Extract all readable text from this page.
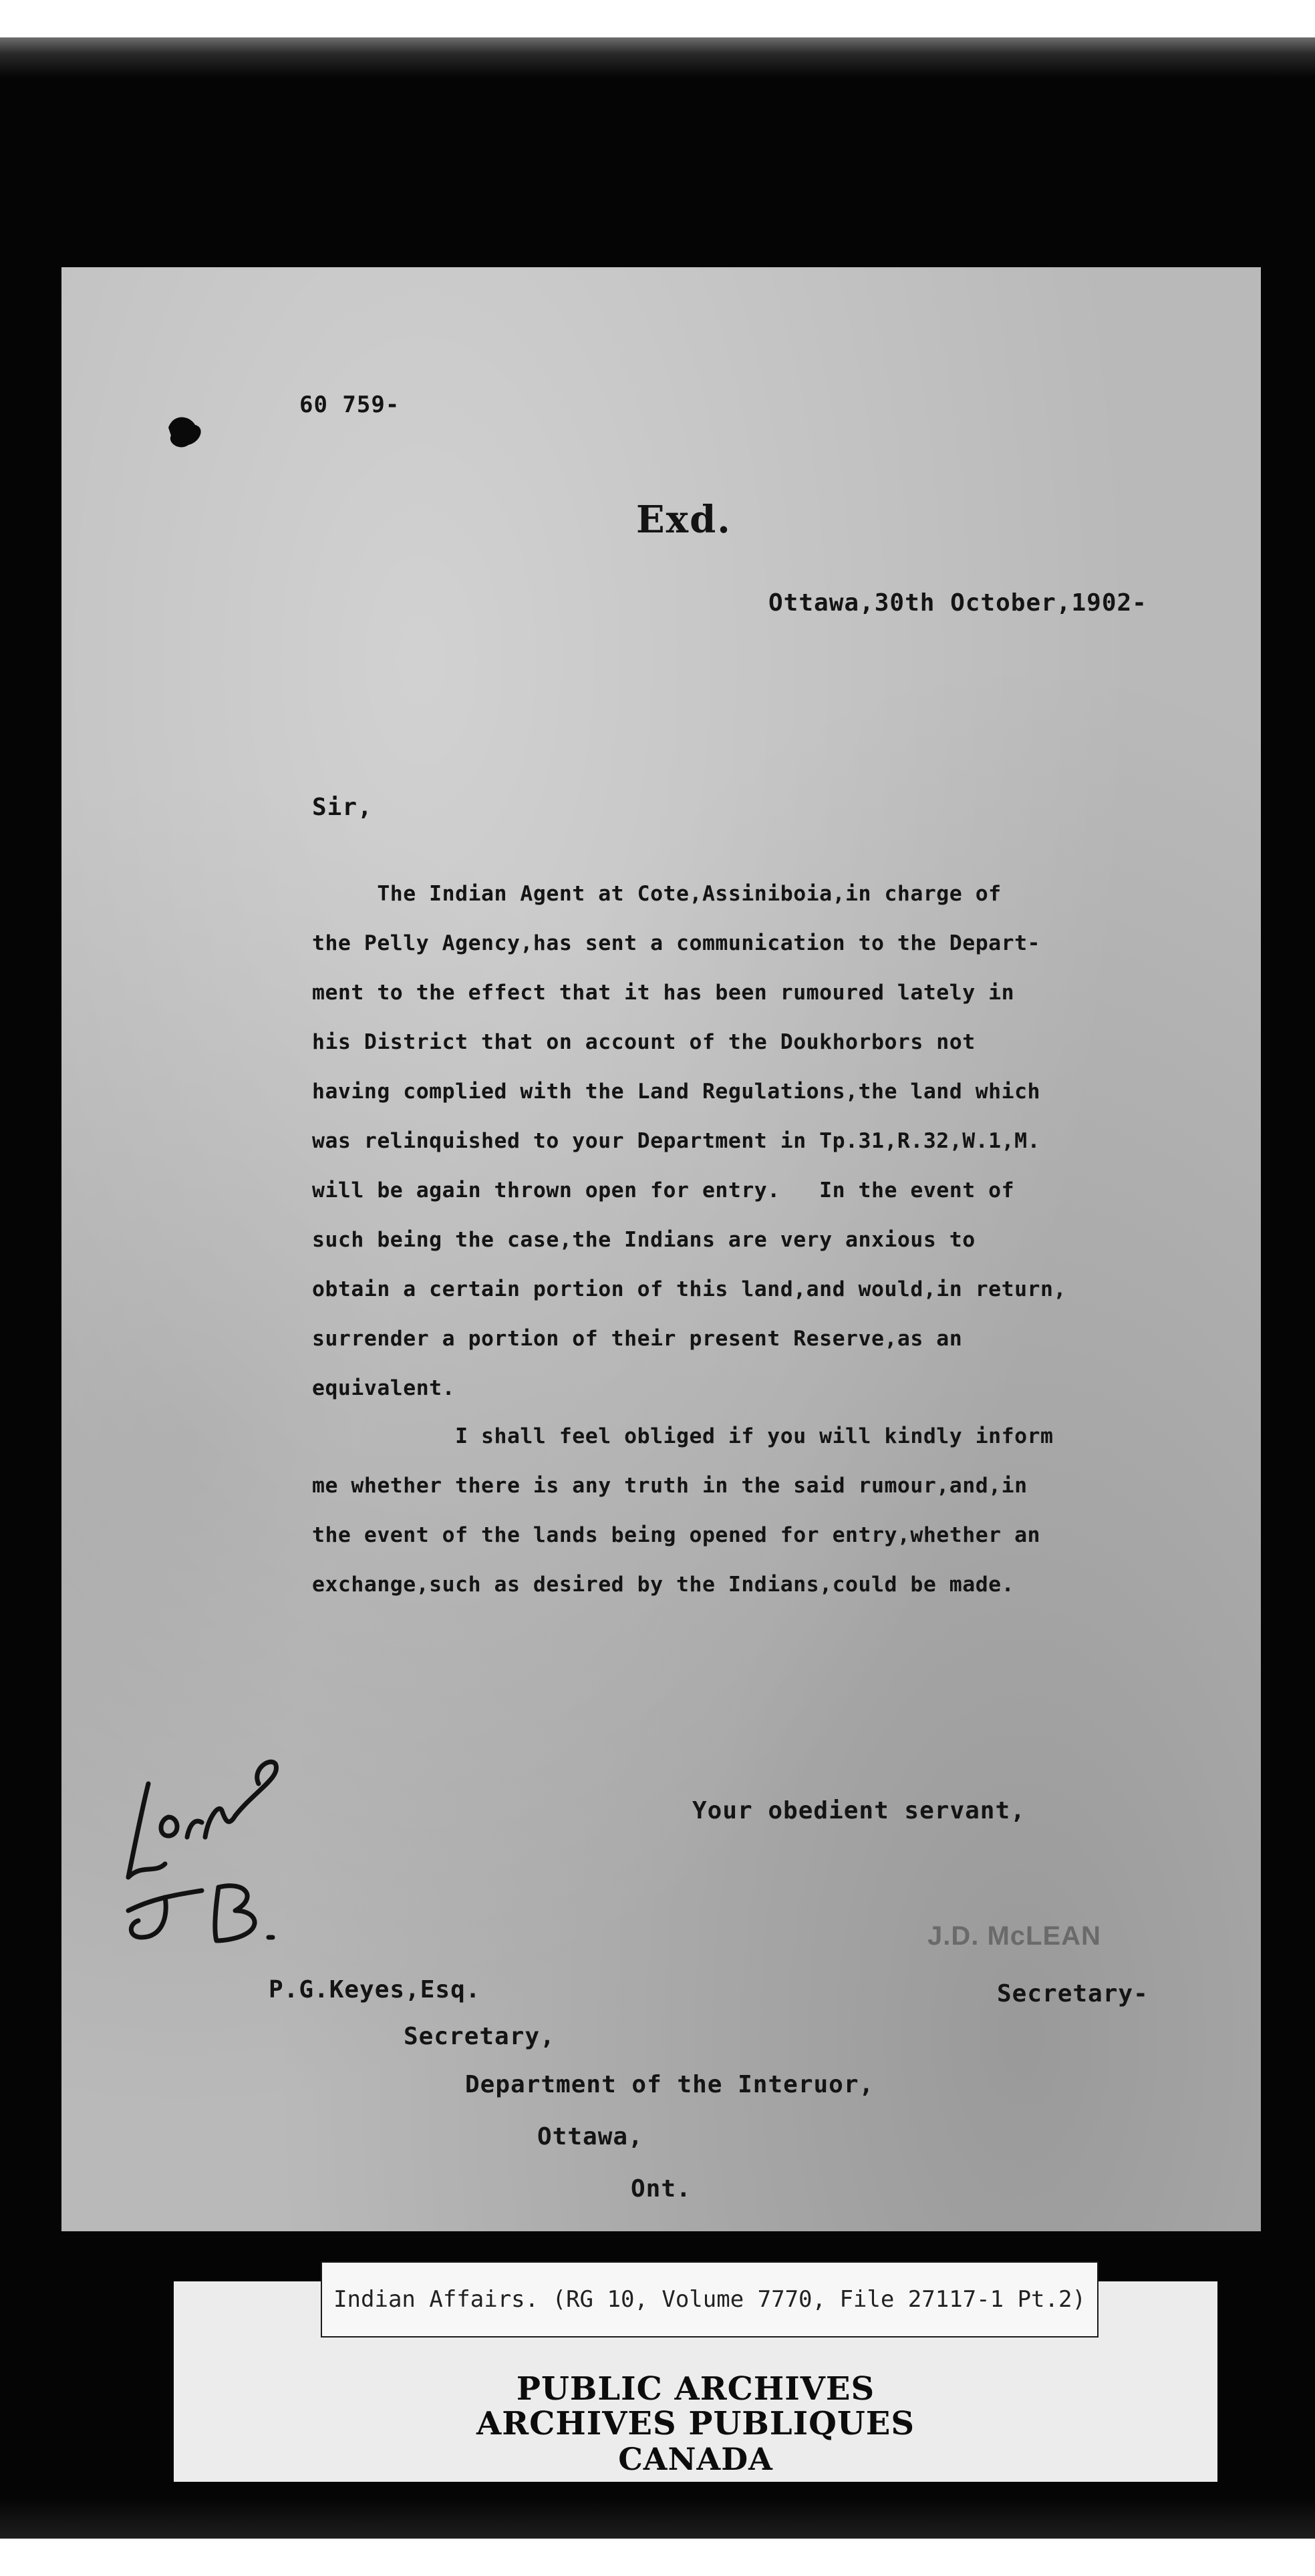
60 759-
Exd.
Ottawa,30th October,1902-
Sir,
The Indian Agent at Cote,Assiniboia,in charge of
the Pelly Agency,has sent a communication to the Depart-
ment to the effect that it has been rumoured lately in
his District that on account of the Doukhorbors not
having complied with the Land Regulations,the land which
was relinquished to your Department in Tp.31,R.32,W.1,M.
will be again thrown open for entry.   In the event of
such being the case,the Indians are very anxious to
obtain a certain portion of this land,and would,in return,
surrender a portion of their present Reserve,as an
equivalent.
I shall feel obliged if you will kindly inform
me whether there is any truth in the said rumour,and,in
the event of the lands being opened for entry,whether an
exchange,such as desired by the Indians,could be made.
Your obedient servant,
J.D. McLEAN
Secretary-
P.G.Keyes,Esq.
Secretary,
Department of the Interuor,
Ottawa,
Ont.
Indian Affairs. (RG 10, Volume 7770, File 27117-1 Pt.2)
PUBLIC ARCHIVES
ARCHIVES PUBLIQUES
CANADA
